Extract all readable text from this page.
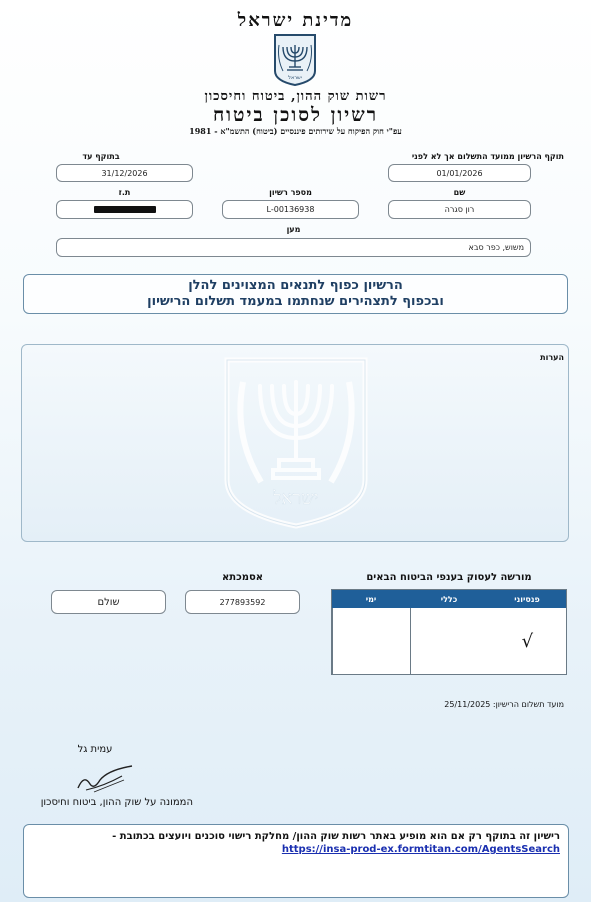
מדינת ישראל
ישראל
רשות שוק ההון, ביטוח וחיסכון
רשיון לסוכן ביטוח
עפ"י חוק הפיקוח על שירותים פיננסיים (ביטוח) התשמ"א - 1981
בתוקף עד
31/12/2026
תוקף הרשיון ממועד התשלום אך לא לפני
01/01/2026
ת.ז	מספר רשיון
L-00136938
שם
רון סגרה
מען
משוש, כפר סבא
הרשיון כפוף לתנאים המצוינים להלן
ובכפוף לתצהירים שנחתמו במעמד תשלום הרישיון
הערות
ישראל
מורשה לעסוק בענפי הביטוח הבאים
פנסיוני
כללי
ימי
√
אסמכתא
277893592
שולם
מועד תשלום הרישיון: 25/11/2025
עמית גל
הממונה על שוק ההון, ביטוח וחיסכון
רישיון זה בתוקף רק אם הוא מופיע באתר רשות שוק ההון/ מחלקת רישוי סוכנים ויועצים בכתובת -
https://insa-prod-ex.formtitan.com/AgentsSearch
